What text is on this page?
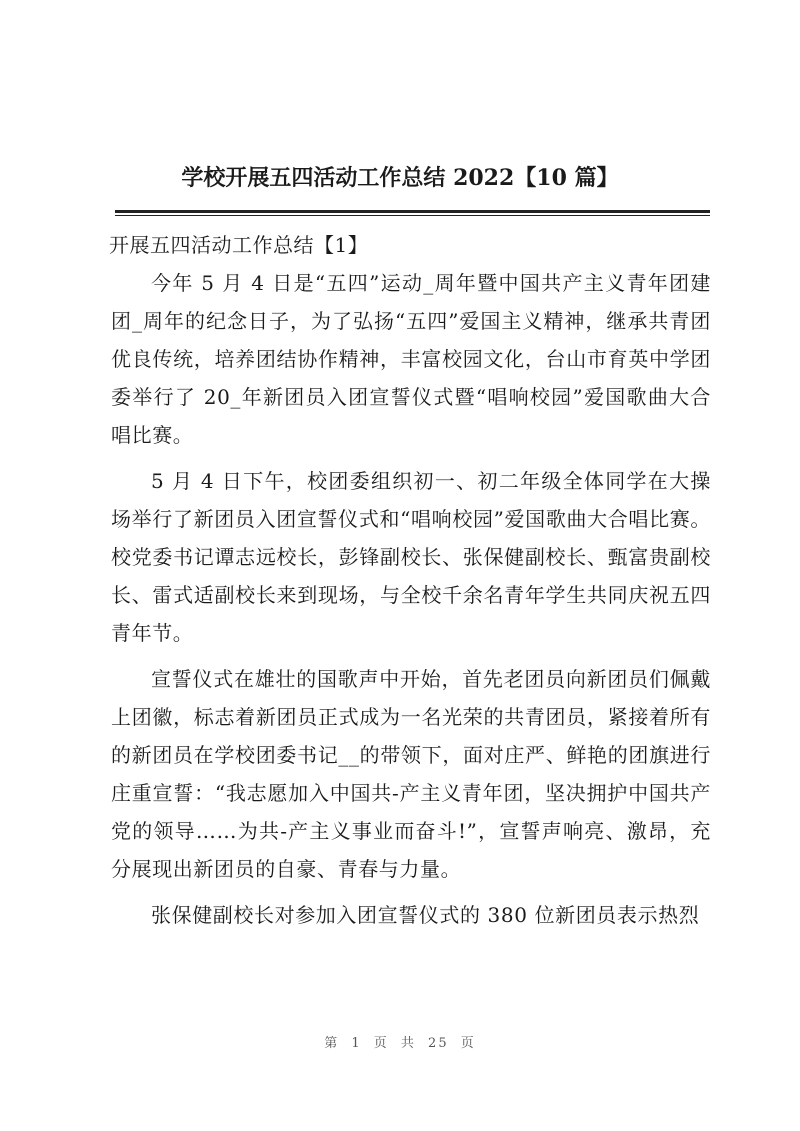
学校开展五四活动工作总结 2022【10 篇】
开展五四活动工作总结【1】

今年 5 月 4 日是“五四”运动_周年暨中国共产主义青年团建团_周年的纪念日子，为了弘扬“五四”爱国主义精神，继承共青团优良传统，培养团结协作精神，丰富校园文化，台山市育英中学团委举行了 20_年新团员入团宣誓仪式暨“唱响校园”爱国歌曲大合唱比赛。

5 月 4 日下午，校团委组织初一、初二年级全体同学在大操场举行了新团员入团宣誓仪式和“唱响校园”爱国歌曲大合唱比赛。校党委书记谭志远校长，彭锋副校长、张保健副校长、甄富贵副校长、雷式适副校长来到现场，与全校千余名青年学生共同庆祝五四青年节。

宣誓仪式在雄壮的国歌声中开始，首先老团员向新团员们佩戴上团徽，标志着新团员正式成为一名光荣的共青团员，紧接着所有的新团员在学校团委书记__的带领下，面对庄严、鲜艳的团旗进行庄重宣誓：“我志愿加入中国共-产主义青年团，坚决拥护中国共产党的领导……为共-产主义事业而奋斗!”，宣誓声响亮、激昂，充分展现出新团员的自豪、青春与力量。

张保健副校长对参加入团宣誓仪式的 380 位新团员表示热烈

第 1 页 共 25 页
